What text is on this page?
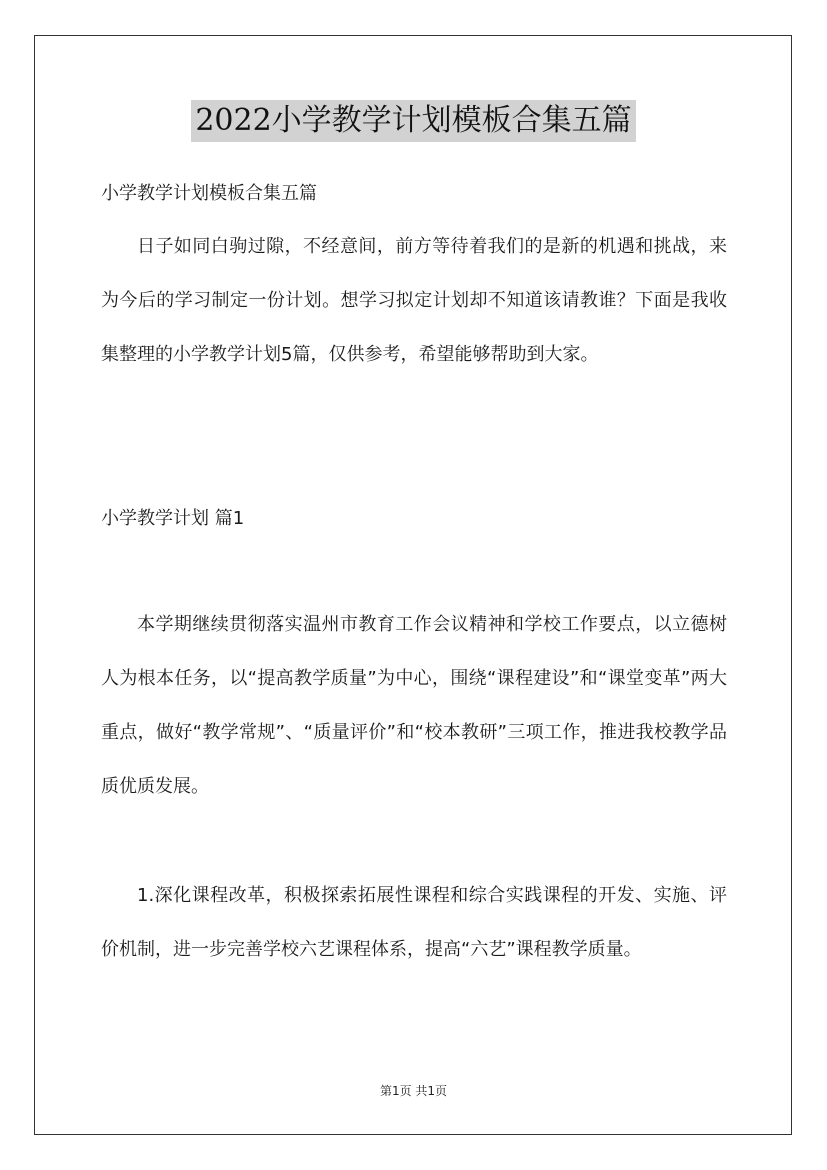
2022小学教学计划模板合集五篇
小学教学计划模板合集五篇
日子如同白驹过隙，不经意间，前方等待着我们的是新的机遇和挑战，来为今后的学习制定一份计划。想学习拟定计划却不知道该请教谁？下面是我收集整理的小学教学计划5篇，仅供参考，希望能够帮助到大家。
小学教学计划 篇1
本学期继续贯彻落实温州市教育工作会议精神和学校工作要点，以立德树人为根本任务，以“提高教学质量”为中心，围绕“课程建设”和“课堂变革”两大重点，做好“教学常规”、“质量评价”和“校本教研”三项工作，推进我校教学品质优质发展。
1.深化课程改革，积极探索拓展性课程和综合实践课程的开发、实施、评价机制，进一步完善学校六艺课程体系，提高“六艺”课程教学质量。
第1页 共1页
